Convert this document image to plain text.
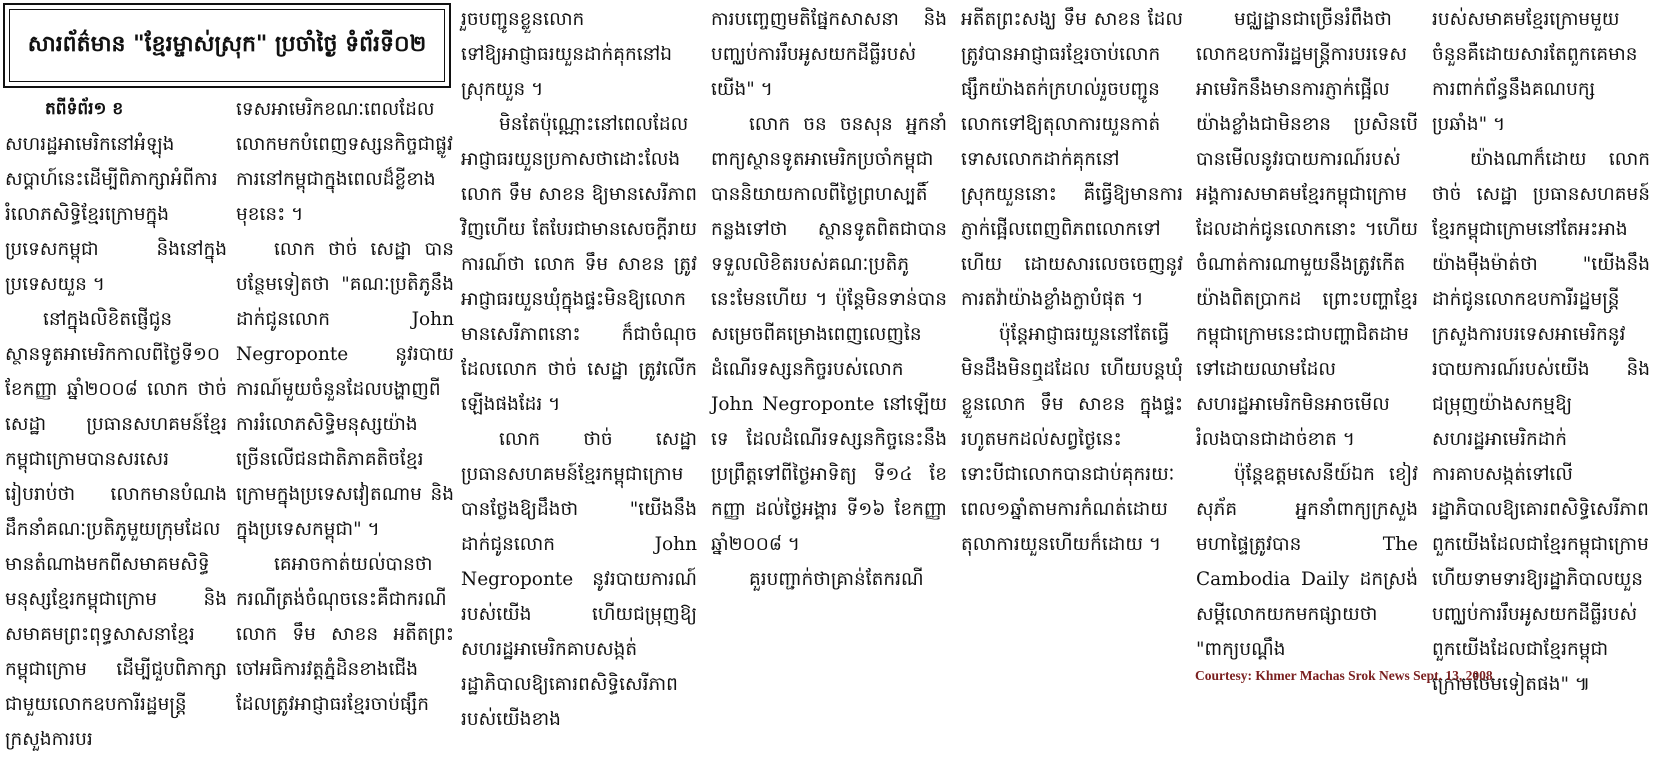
សារព័ត៌មាន "ខ្មែរម្ចាស់ស្រុក" ប្រចាំថ្ងៃ ទំព័រទី០២

តពីទំព័រ១ ខ

សហរដ្ឋអាមេរិកនៅអំឡុងសប្ដាហ៍នេះដើម្បីពិភាក្សាអំពីការរំលោភសិទ្ធិខ្មែរក្រោមក្នុងប្រទេសកម្ពុជា និងនៅក្នុងប្រទេសយួន ។

នៅក្នុងលិខិតផ្ញើជូនស្ថានទូតអាមេរិកកាលពីថ្ងៃទី១០ ខែកញ្ញា ឆ្នាំ២០០៨ លោក ថាច់ សេដ្ឋា ប្រធានសហគមន៍ខ្មែរកម្ពុជាក្រោមបានសរសេររៀបរាប់ថា លោកមានបំណងដឹកនាំគណៈប្រតិភូមួយក្រុមដែលមានតំណាងមកពីសមាគមសិទ្ធិមនុស្សខ្មែរកម្ពុជាក្រោម និងសមាគមព្រះពុទ្ធសាសនាខ្មែរកម្ពុជាក្រោម ដើម្បីជួបពិភាក្សាជាមួយលោកឧបការីរដ្ឋមន្ត្រីក្រសួងការបរ

ទេសអាមេរិកខណៈពេលដែលលោកមកបំពេញទស្សនកិច្ចជាផ្លូវការនៅកម្ពុជាក្នុងពេលដ៏ខ្លីខាងមុខនេះ ។

លោក ថាច់ សេដ្ឋា បានបន្ថែមទៀតថា "គណៈប្រតិភូនឹងដាក់ជូនលោក John Negroponte នូវរបាយការណ៍មួយចំនួនដែលបង្ហាញពីការរំលោភសិទ្ធិមនុស្សយ៉ាងច្រើនលើជនជាតិភាគតិចខ្មែរក្រោមក្នុងប្រទេសវៀតណាម និងក្នុងប្រទេសកម្ពុជា" ។

គេអាចកាត់យល់បានថាករណីត្រង់ចំណុចនេះគឺជាករណីលោក ទឹម សាខន អតីតព្រះចៅអធិការវត្តភ្នំដិនខាងជើង ដែលត្រូវអាជ្ញាធរខ្មែរចាប់ផ្សឹក

រួចបញ្ជូនខ្លួនលោកទៅឱ្យអាជ្ញាធរយួនដាក់គុកនៅឯស្រុកយួន ។

មិនតែប៉ុណ្ណោះនៅពេលដែលអាជ្ញាធរយួនប្រកាសថាដោះលែងលោក ទឹម សាខន ឱ្យមានសេរីភាពវិញហើយ តែបែរជាមានសេចក្តីរាយការណ៍ថា លោក ទឹម សាខន ត្រូវអាជ្ញាធរយួនឃុំក្នុងផ្ទះមិនឱ្យលោកមានសេរីភាពនោះ ក៏ជាចំណុចដែលលោក ថាច់ សេដ្ឋា ត្រូវលើកឡើងផងដែរ ។

លោក ថាច់ សេដ្ឋា ប្រធានសហគមន៍ខ្មែរកម្ពុជាក្រោមបានថ្លែងឱ្យដឹងថា "យើងនឹងដាក់ជូនលោក John Negroponte នូវរបាយការណ៍របស់យើង ហើយជម្រុញឱ្យសហរដ្ឋអាមេរិកគាបសង្កត់រដ្ឋាភិបាលឱ្យគោរពសិទ្ធិសេរីភាពរបស់យើងខាង

ការបញ្ចេញមតិផ្នែកសាសនា និងបញ្ឈប់ការរឹបអូសយកដីធ្លីរបស់យើង" ។

លោក ចន ចនសុន អ្នកនាំពាក្យស្ថានទូតអាមេរិកប្រចាំកម្ពុជាបាននិយាយកាលពីថ្ងៃព្រហស្បតិ៍កន្លងទៅថា ស្ថានទូតពិតជាបានទទួលលិខិតរបស់គណៈប្រតិភូនេះមែនហើយ ។ ប៉ុន្តែមិនទាន់បានសម្រេចពីគម្រោងពេញលេញនៃដំណើរទស្សនកិច្ចរបស់លោក John Negroponte នៅឡើយទេ ដែលដំណើរទស្សនកិច្ចនេះនឹងប្រព្រឹត្តទៅពីថ្ងៃអាទិត្យ ទី១៤ ខែកញ្ញា ដល់ថ្ងៃអង្គារ ទី១៦ ខែកញ្ញា ឆ្នាំ២០០៨ ។

គួរបញ្ជាក់ថាគ្រាន់តែករណី

អតីតព្រះសង្ឃ ទឹម សាខន ដែលត្រូវបានអាជ្ញាធរខ្មែរចាប់លោកផ្សឹកយ៉ាងតក់ក្រហល់រួចបញ្ជូនលោកទៅឱ្យតុលាការយួនកាត់ទោសលោកដាក់គុកនៅស្រុកយួននោះ គឺធ្វើឱ្យមានការភ្ញាក់ផ្អើលពេញពិភពលោកទៅហើយ ដោយសារលេចចេញនូវការតវ៉ាយ៉ាងខ្លាំងក្លាបំផុត ។

ប៉ុន្តែអាជ្ញាធរយួននៅតែធ្វើមិនដឹងមិនឮដដែល ហើយបន្តឃុំខ្លួនលោក ទឹម សាខន ក្នុងផ្ទះរហូតមកដល់សព្វថ្ងៃនេះ ទោះបីជាលោកបានជាប់គុករយៈពេល១ឆ្នាំតាមការកំណត់ដោយតុលាការយួនហើយក៏ដោយ ។

មជ្ឈដ្ឋានជាច្រើនរំពឹងថា លោកឧបការីរដ្ឋមន្ត្រីការបរទេសអាមេរិកនឹងមានការភ្ញាក់ផ្អើលយ៉ាងខ្លាំងជាមិនខាន ប្រសិនបើបានមើលនូវរបាយការណ៍របស់អង្គការសមាគមខ្មែរកម្ពុជាក្រោមដែលដាក់ជូនលោកនោះ ។ហើយចំណាត់ការណាមួយនឹងត្រូវកើតយ៉ាងពិតប្រាកដ ព្រោះបញ្ហាខ្មែរកម្ពុជាក្រោមនេះជាបញ្ហាជិតដាមទៅដោយឈាមដែលសហរដ្ឋអាមេរិកមិនអាចមើលរំលងបានជាដាច់ខាត ។

ប៉ុន្តែឧត្តមសេនីយ៍ឯក ខៀវ សុភ័គ អ្នកនាំពាក្យក្រសួងមហាផ្ទៃត្រូវបាន The Cambodia Daily ដកស្រង់សម្តីលោកយកមកផ្សាយថា "ពាក្យបណ្តឹង

របស់សមាគមខ្មែរក្រោមមួយចំនួនគឺដោយសារតែពួកគេមានការពាក់ព័ន្ធនឹងគណបក្សប្រឆាំង" ។

យ៉ាងណាក៏ដោយ លោក ថាច់ សេដ្ឋា ប្រធានសហគមន៍ខ្មែរកម្ពុជាក្រោមនៅតែអះអាងយ៉ាងម៉ឺងម៉ាត់ថា "យើងនឹងដាក់ជូនលោកឧបការីរដ្ឋមន្ត្រីក្រសួងការបរទេសអាមេរិកនូវរបាយការណ៍របស់យើង និងជម្រុញយ៉ាងសកម្មឱ្យសហរដ្ឋអាមេរិកដាក់ការគាបសង្កត់ទៅលើរដ្ឋាភិបាលឱ្យគោរពសិទ្ធិសេរីភាពពួកយើងដែលជាខ្មែរកម្ពុជាក្រោម ហើយទាមទារឱ្យរដ្ឋាភិបាលយួនបញ្ឈប់ការរឹបអូសយកដីធ្លីរបស់ពួកយើងដែលជាខ្មែរកម្ពុជាក្រោមថែមទៀតផង" ៕

Courtesy: Khmer Machas Srok News Sept. 13, 2008
